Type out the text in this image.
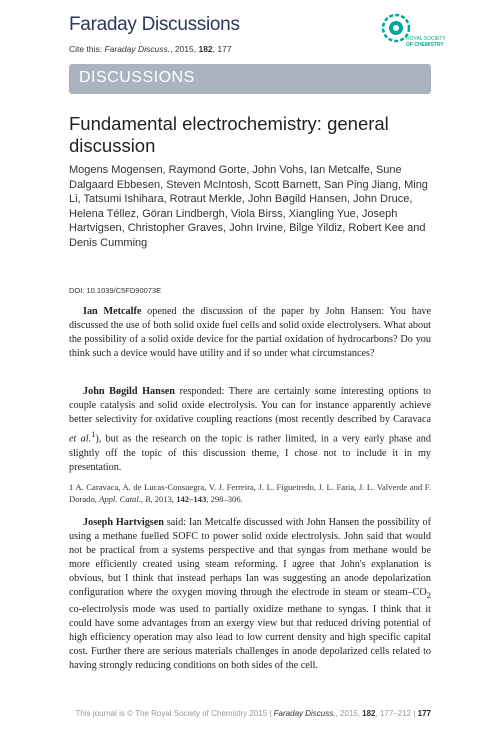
Faraday Discussions
Cite this: Faraday Discuss., 2015, 182, 177
ROYAL SOCIETY
OF CHEMISTRY
DISCUSSIONS
Fundamental electrochemistry: general discussion
Mogens Mogensen, Raymond Gorte, John Vohs, Ian Metcalfe, Sune Dalgaard Ebbesen, Steven McIntosh, Scott Barnett, San Ping Jiang, Ming Li, Tatsumi Ishihara, Rotraut Merkle, John Bøgild Hansen, John Druce, Helena Téllez, Göran Lindbergh, Viola Birss, Xiangling Yue, Joseph Hartvigsen, Christopher Graves, John Irvine, Bilge Yildiz, Robert Kee and Denis Cumming
DOI: 10.1039/C5FD90073E

Ian Metcalfe opened the discussion of the paper by John Hansen: You have discussed the use of both solid oxide fuel cells and solid oxide electrolysers. What about the possibility of a solid oxide device for the partial oxidation of hydrocarbons? Do you think such a device would have utility and if so under what circumstances?

John Bøgild Hansen responded: There are certainly some interesting options to couple catalysis and solid oxide electrolysis. You can for instance apparently achieve better selectivity for oxidative coupling reactions (most recently described by Caravaca et al.$^1$), but as the research on the topic is rather limited, in a very early phase and slightly off the topic of this discussion theme, I chose not to include it in my presentation.

1 A. Caravaca, A. de Lucas-Consuegra, V. J. Ferreira, J. L. Figueiredo, J. L. Faria, J. L. Valverde and F. Dorado, Appl. Catal., B, 2013, 142–143, 298–306.

Joseph Hartvigsen said: Ian Metcalfe discussed with John Hansen the possibility of using a methane fuelled SOFC to power solid oxide electrolysis. John said that would not be practical from a systems perspective and that syngas from methane would be more efficiently created using steam reforming. I agree that John's explanation is obvious, but I think that instead perhaps Ian was suggesting an anode depolarization configuration where the oxygen moving through the electrode in steam or steam–$CO_2$ co-electrolysis mode was used to partially oxidize methane to syngas. I think that it could have some advantages from an exergy view but that reduced driving potential of high efficiency operation may also lead to low current density and high specific capital cost. Further there are serious materials challenges in anode depolarized cells related to having strongly reducing conditions on both sides of the cell.

This journal is © The Royal Society of Chemistry 2015 | Faraday Discuss., 2015, 182, 177–212 | 177
